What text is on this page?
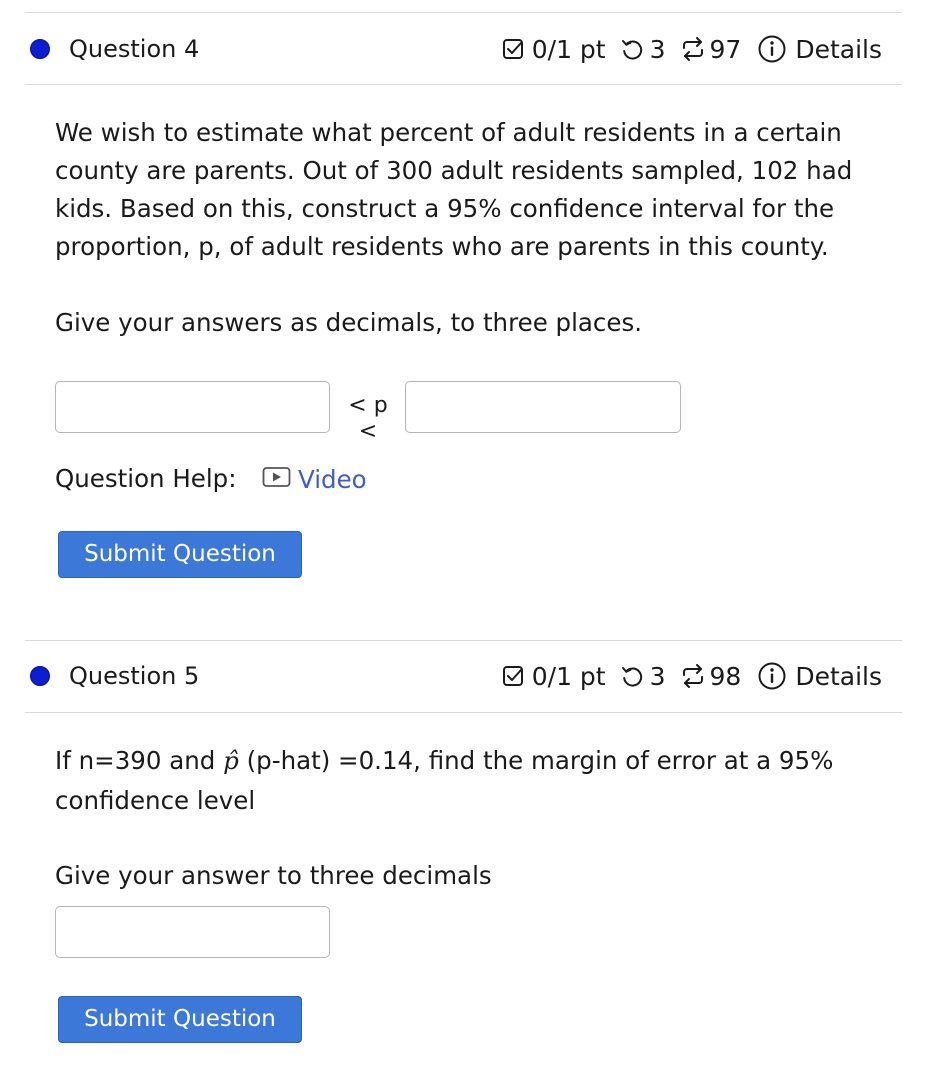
Question 4	0/1 pt 3 97 Details

We wish to estimate what percent of adult residents in a certain county are parents. Out of 300 adult residents sampled, 102 had kids. Based on this, construct a 95% confidence interval for the proportion, p, of adult residents who are parents in this county.

Give your answers as decimals, to three places.

< p <
Question Help:	Video
Submit Question
Question 5	0/1 pt 3 98 Details

If n=390 and p̂ (p-hat) =0.14, find the margin of error at a 95% confidence level

Give your answer to three decimals

Submit Question
